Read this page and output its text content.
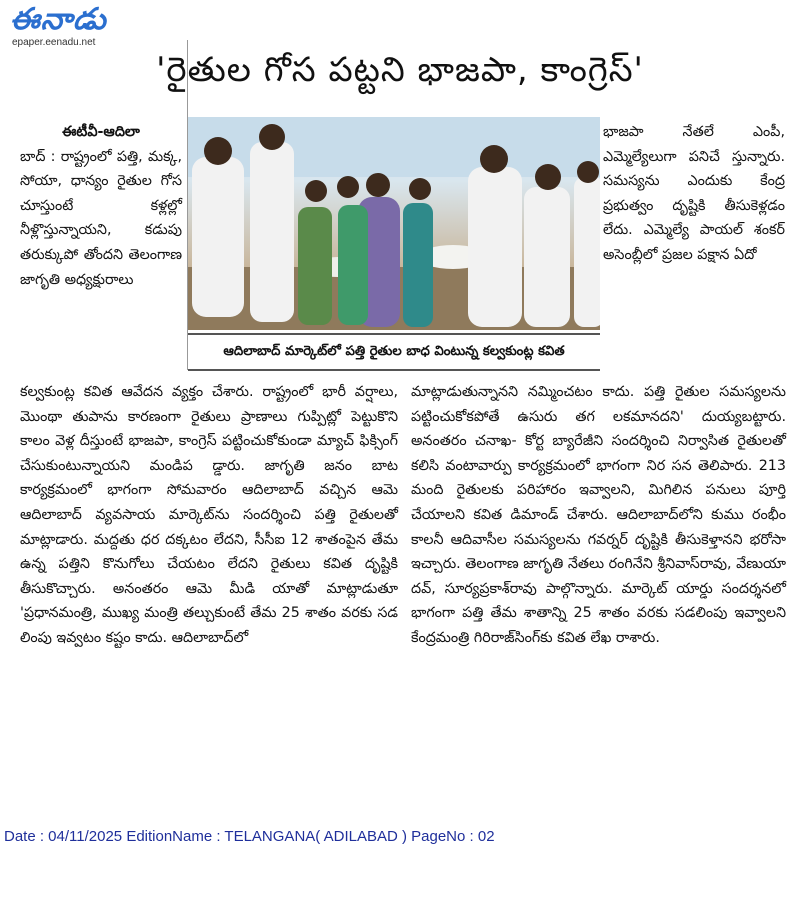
ఈనాడు
epaper.eenadu.net
'రైతుల గోస పట్టని భాజపా, కాంగ్రెస్'
ఈటీవీ-ఆదిలా

బాద్ : రాష్ట్రంలో పత్తి, మక్క, సోయా, ధాన్యం రైతుల గోస చూస్తుంటే కళ్లల్లో నీళ్లొస్తున్నాయని, కడుపు తరుక్కుపో తోందని తెలంగాణ జాగృతి అధ్యక్షురాలు

ఆదిలాబాద్ మార్కెట్‌లో పత్తి రైతుల బాధ వింటున్న కల్వకుంట్ల కవిత

భాజపా నేతలే ఎంపీ, ఎమ్మెల్యేలుగా పనిచే స్తున్నారు. సమస్యను ఎందుకు కేంద్ర ప్రభుత్వం దృష్టికి తీసుకెళ్లడం లేదు. ఎమ్మెల్యే పాయల్ శంకర్ అసెంబ్లీలో ప్రజల పక్షాన ఏదో

కల్వకుంట్ల కవిత ఆవేదన వ్యక్తం చేశారు. రాష్ట్రంలో భారీ వర్షాలు, మొంథా తుపాను కారణంగా రైతులు ప్రాణాలు గుప్పిట్లో పెట్టుకొని కాలం వెళ్ల దీస్తుంటే భాజపా, కాంగ్రెస్ పట్టించుకోకుండా మ్యాచ్ ఫిక్సింగ్ చేసుకుంటున్నాయని మండిప డ్డారు. జాగృతి జనం బాట కార్యక్రమంలో భాగంగా సోమవారం ఆదిలాబాద్ వచ్చిన ఆమె ఆదిలాబాద్ వ్యవసాయ మార్కెట్‌ను సందర్శించి పత్తి రైతులతో మాట్లాడారు. మద్దతు ధర దక్కటం లేదని, సీసీఐ 12 శాతంపైన తేమ ఉన్న పత్తిని కొనుగోలు చేయటం లేదని రైతులు కవిత దృష్టికి తీసుకొచ్చారు. అనంతరం ఆమె మీడి యాతో మాట్లాడుతూ 'ప్రధానమంత్రి, ముఖ్య మంత్రి తల్చుకుంటే తేమ 25 శాతం వరకు సడ లింపు ఇవ్వటం కష్టం కాదు. ఆదిలాబాద్‌లో

మాట్లాడుతున్నానని నమ్మించటం కాదు. పత్తి రైతుల సమస్యలను పట్టించుకోకపోతే ఉసురు తగ లకమానదని' దుయ్యబట్టారు. అనంతరం చనాఖ- కోర్ట బ్యారేజీని సందర్శించి నిర్వాసిత రైతులతో కలిసి వంటావార్పు కార్యక్రమంలో భాగంగా నిర సన తెలిపారు. 213 మంది రైతులకు పరిహారం ఇవ్వాలని, మిగిలిన పనులు పూర్తి చేయాలని కవిత డిమాండ్ చేశారు. ఆదిలాబాద్‌లోని కుము రంభీం కాలనీ ఆదివాసీల సమస్యలను గవర్నర్ దృష్టికి తీసుకెళ్తానని భరోసా ఇచ్చారు. తెలంగాణ జాగృతి నేతలు రంగినేని శ్రీనివాస్‌రావు, వేణుయా దవ్, సూర్యప్రకాశ్‌రావు పాల్గొన్నారు. మార్కెట్ యార్డు సందర్శనలో భాగంగా పత్తి తేమ శాతాన్ని 25 శాతం వరకు సడలింపు ఇవ్వాలని కేంద్రమంత్రి గిరిరాజ్‌సింగ్‌కు కవిత లేఖ రాశారు.

Date : 04/11/2025 EditionName : TELANGANA( ADILABAD ) PageNo : 02
